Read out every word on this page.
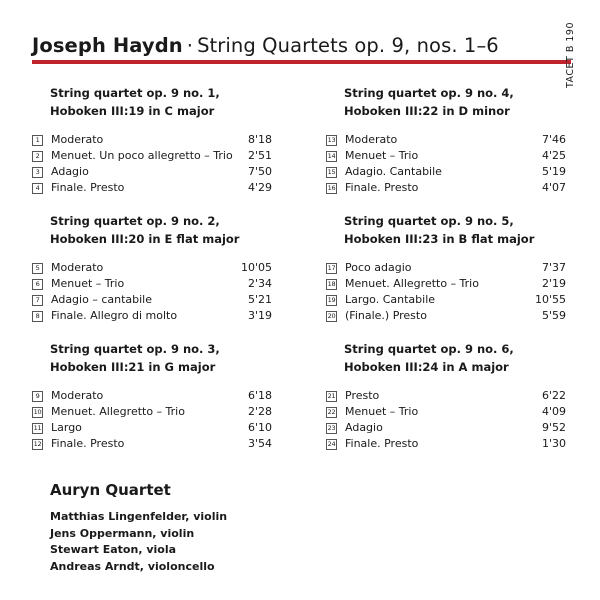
Joseph Haydn · String Quartets op. 9, nos. 1–6	TACET B 190
String quartet op. 9 no. 1,
Hoboken III:19 in C major
1	Moderato	8'18
2	Menuet. Un poco allegretto – Trio	2'51
3	Adagio	7'50
4	Finale. Presto	4'29
String quartet op. 9 no. 2,
Hoboken III:20 in E flat major
5	Moderato	10'05
6	Menuet – Trio	2'34
7	Adagio – cantabile	5'21
8	Finale. Allegro di molto	3'19
String quartet op. 9 no. 3,
Hoboken III:21 in G major
9	Moderato	6'18
10 Menuet. Allegretto – Trio	2'28
11 Largo	6'10
12 Finale. Presto	3'54
String quartet op. 9 no. 4,
Hoboken III:22 in D minor
13 Moderato	7'46
14 Menuet – Trio	4'25
15 Adagio. Cantabile	5'19
16 Finale. Presto	4'07
String quartet op. 9 no. 5,
Hoboken III:23 in B flat major
17 Poco adagio	7'37
18 Menuet. Allegretto – Trio	2'19
19 Largo. Cantabile	10'55
20 (Finale.) Presto	5'59
String quartet op. 9 no. 6,
Hoboken III:24 in A major
21 Presto	6'22
22 Menuet – Trio	4'09
23 Adagio	9'52
24 Finale. Presto	1'30
Auryn Quartet
Matthias Lingenfelder, violin
Jens Oppermann, violin
Stewart Eaton, viola
Andreas Arndt, violoncello
